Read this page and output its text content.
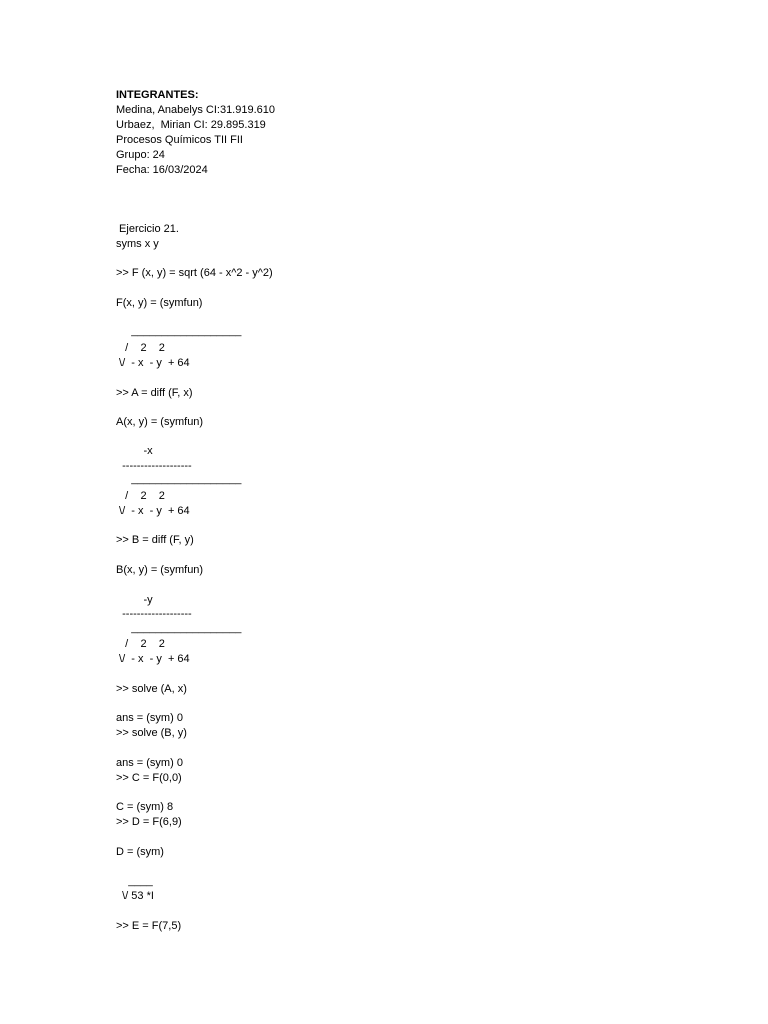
INTEGRANTES:
Medina, Anabelys CI:31.919.610
Urbaez,  Mirian CI: 29.895.319
Procesos Químicos TII FII
Grupo: 24
Fecha: 16/03/2024
Ejercicio 21.
syms x y
>> F (x, y) = sqrt (64 - x^2 - y^2)
F(x, y) = (symfun)
__________________
/    2    2
\/  - x  - y  + 64
>> A = diff (F, x)
A(x, y) = (symfun)
-x
-------------------
__________________
/    2    2
\/  - x  - y  + 64
>> B = diff (F, y)
B(x, y) = (symfun)
-y
-------------------
__________________
/    2    2
\/  - x  - y  + 64
>> solve (A, x)
ans = (sym) 0
>> solve (B, y)
ans = (sym) 0
>> C = F(0,0)
C = (sym) 8
>> D = F(6,9)
D = (sym)
____
\/ 53 *I
>> E = F(7,5)
